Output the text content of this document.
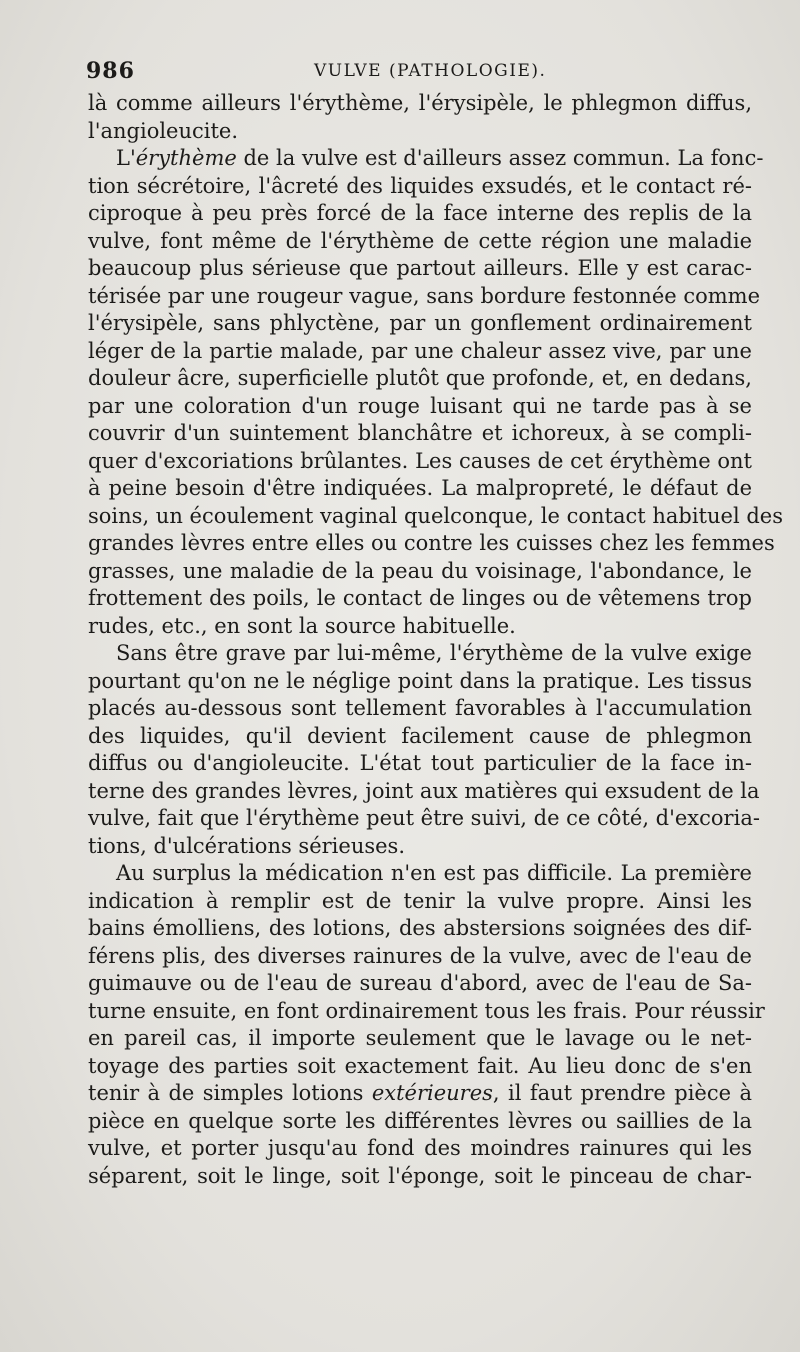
986	VULVE (PATHOLOGIE).
là comme ailleurs l'érythème, l'érysipèle, le phlegmon diffus,
l'angioleucite.
L'érythème de la vulve est d'ailleurs assez commun. La fonc-
tion sécrétoire, l'âcreté des liquides exsudés, et le contact ré-
ciproque à peu près forcé de la face interne des replis de la
vulve, font même de l'érythème de cette région une maladie
beaucoup plus sérieuse que partout ailleurs. Elle y est carac-
térisée par une rougeur vague, sans bordure festonnée comme
l'érysipèle, sans phlyctène, par un gonflement ordinairement
léger de la partie malade, par une chaleur assez vive, par une
douleur âcre, superficielle plutôt que profonde, et, en dedans,
par une coloration d'un rouge luisant qui ne tarde pas à se
couvrir d'un suintement blanchâtre et ichoreux, à se compli-
quer d'excoriations brûlantes. Les causes de cet érythème ont
à peine besoin d'être indiquées. La malpropreté, le défaut de
soins, un écoulement vaginal quelconque, le contact habituel des
grandes lèvres entre elles ou contre les cuisses chez les femmes
grasses, une maladie de la peau du voisinage, l'abondance, le
frottement des poils, le contact de linges ou de vêtemens trop
rudes, etc., en sont la source habituelle.
Sans être grave par lui-même, l'érythème de la vulve exige
pourtant qu'on ne le néglige point dans la pratique. Les tissus
placés au-dessous sont tellement favorables à l'accumulation
des liquides, qu'il devient facilement cause de phlegmon
diffus ou d'angioleucite. L'état tout particulier de la face in-
terne des grandes lèvres, joint aux matières qui exsudent de la
vulve, fait que l'érythème peut être suivi, de ce côté, d'excoria-
tions, d'ulcérations sérieuses.
Au surplus la médication n'en est pas difficile. La première
indication à remplir est de tenir la vulve propre. Ainsi les
bains émolliens, des lotions, des abstersions soignées des dif-
férens plis, des diverses rainures de la vulve, avec de l'eau de
guimauve ou de l'eau de sureau d'abord, avec de l'eau de Sa-
turne ensuite, en font ordinairement tous les frais. Pour réussir
en pareil cas, il importe seulement que le lavage ou le net-
toyage des parties soit exactement fait. Au lieu donc de s'en
tenir à de simples lotions extérieures, il faut prendre pièce à
pièce en quelque sorte les différentes lèvres ou saillies de la
vulve, et porter jusqu'au fond des moindres rainures qui les
séparent, soit le linge, soit l'éponge, soit le pinceau de char-
